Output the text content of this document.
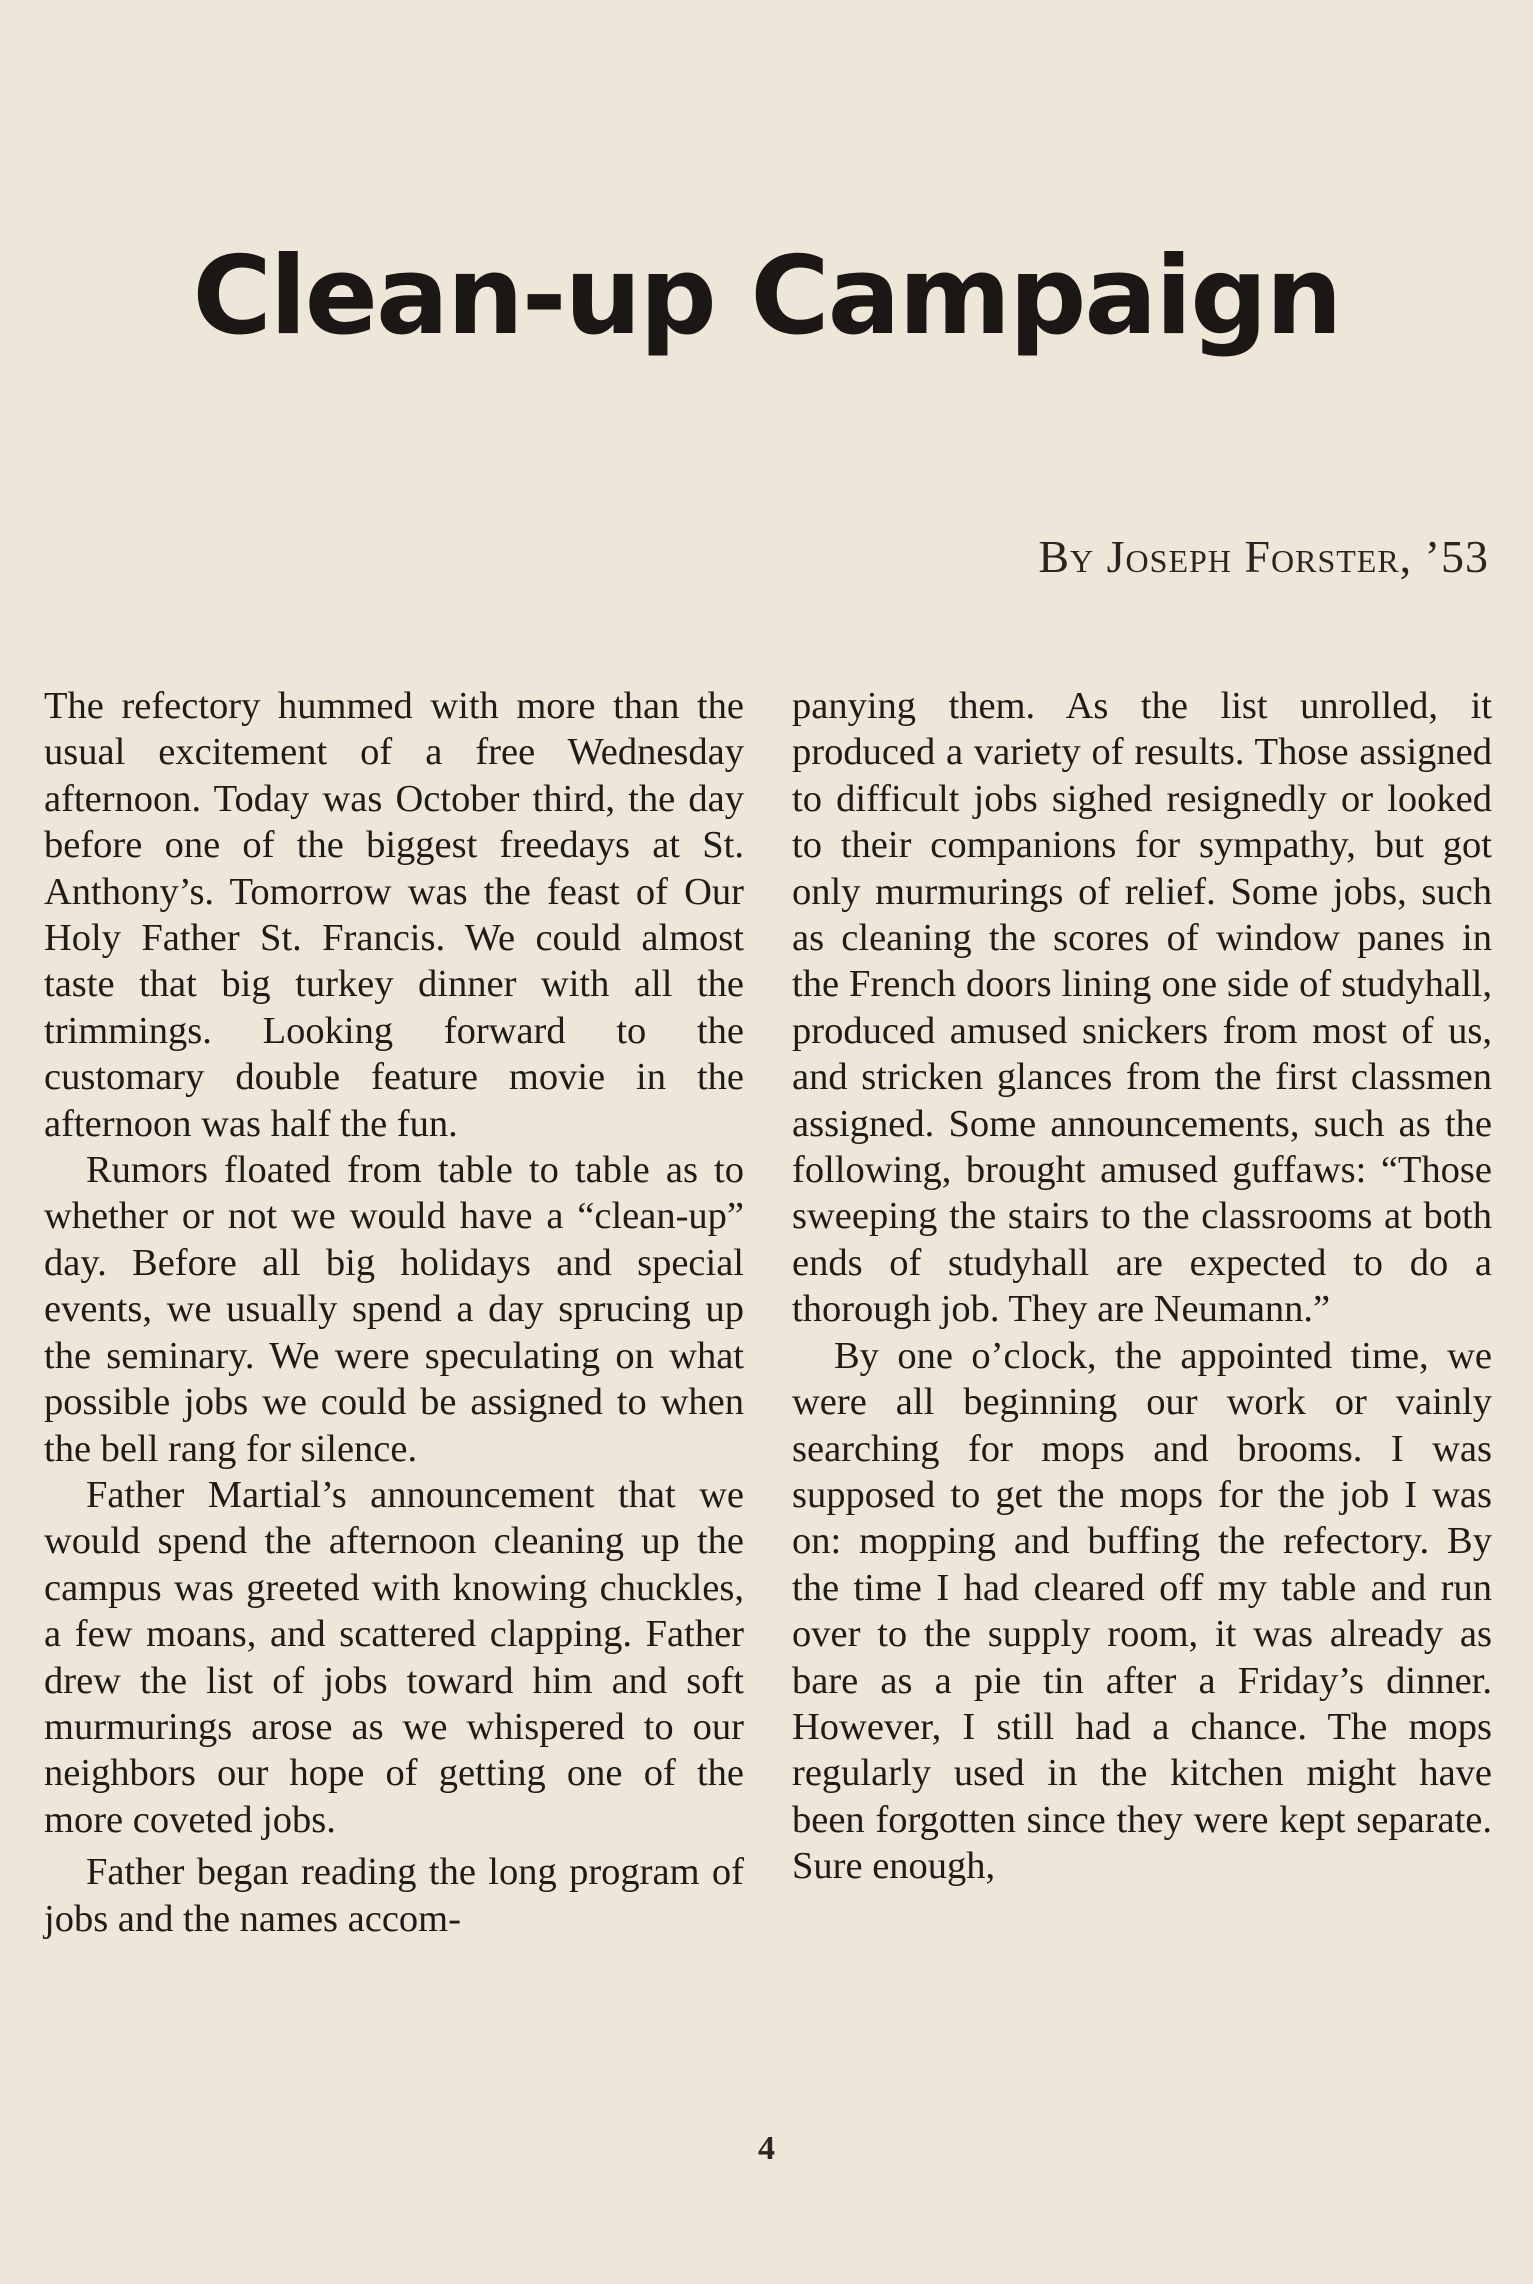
Clean-up Campaign
By Joseph Forster, ’53

The refectory hummed with more than the usual excitement of a free Wednesday afternoon. Today was October third, the day before one of the biggest freedays at St. Anthony’s. Tomorrow was the feast of Our Holy Father St. Francis. We could almost taste that big turkey dinner with all the trimmings. Looking forward to the customary double feature movie in the afternoon was half the fun.

Rumors floated from table to table as to whether or not we would have a “clean-up” day. Before all big holidays and special events, we usually spend a day sprucing up the seminary. We were speculating on what possible jobs we could be assigned to when the bell rang for silence.

Father Martial’s announcement that we would spend the afternoon cleaning up the campus was greeted with knowing chuckles, a few moans, and scattered clapping. Father drew the list of jobs toward him and soft murmurings arose as we whispered to our neighbors our hope of getting one of the more coveted jobs.

Father began reading the long program of jobs and the names accom-

panying them. As the list unrolled, it produced a variety of results. Those assigned to difficult jobs sighed resignedly or looked to their companions for sympathy, but got only murmurings of relief. Some jobs, such as cleaning the scores of window panes in the French doors lining one side of studyhall, produced amused snickers from most of us, and stricken glances from the first classmen assigned. Some announcements, such as the following, brought amused guffaws: “Those sweeping the stairs to the classrooms at both ends of studyhall are expected to do a thorough job. They are Neumann.”

By one o’clock, the appointed time, we were all beginning our work or vainly searching for mops and brooms. I was supposed to get the mops for the job I was on: mopping and buffing the refectory. By the time I had cleared off my table and run over to the supply room, it was already as bare as a pie tin after a Friday’s dinner. However, I still had a chance. The mops regularly used in the kitchen might have been forgotten since they were kept separate. Sure enough,

4
